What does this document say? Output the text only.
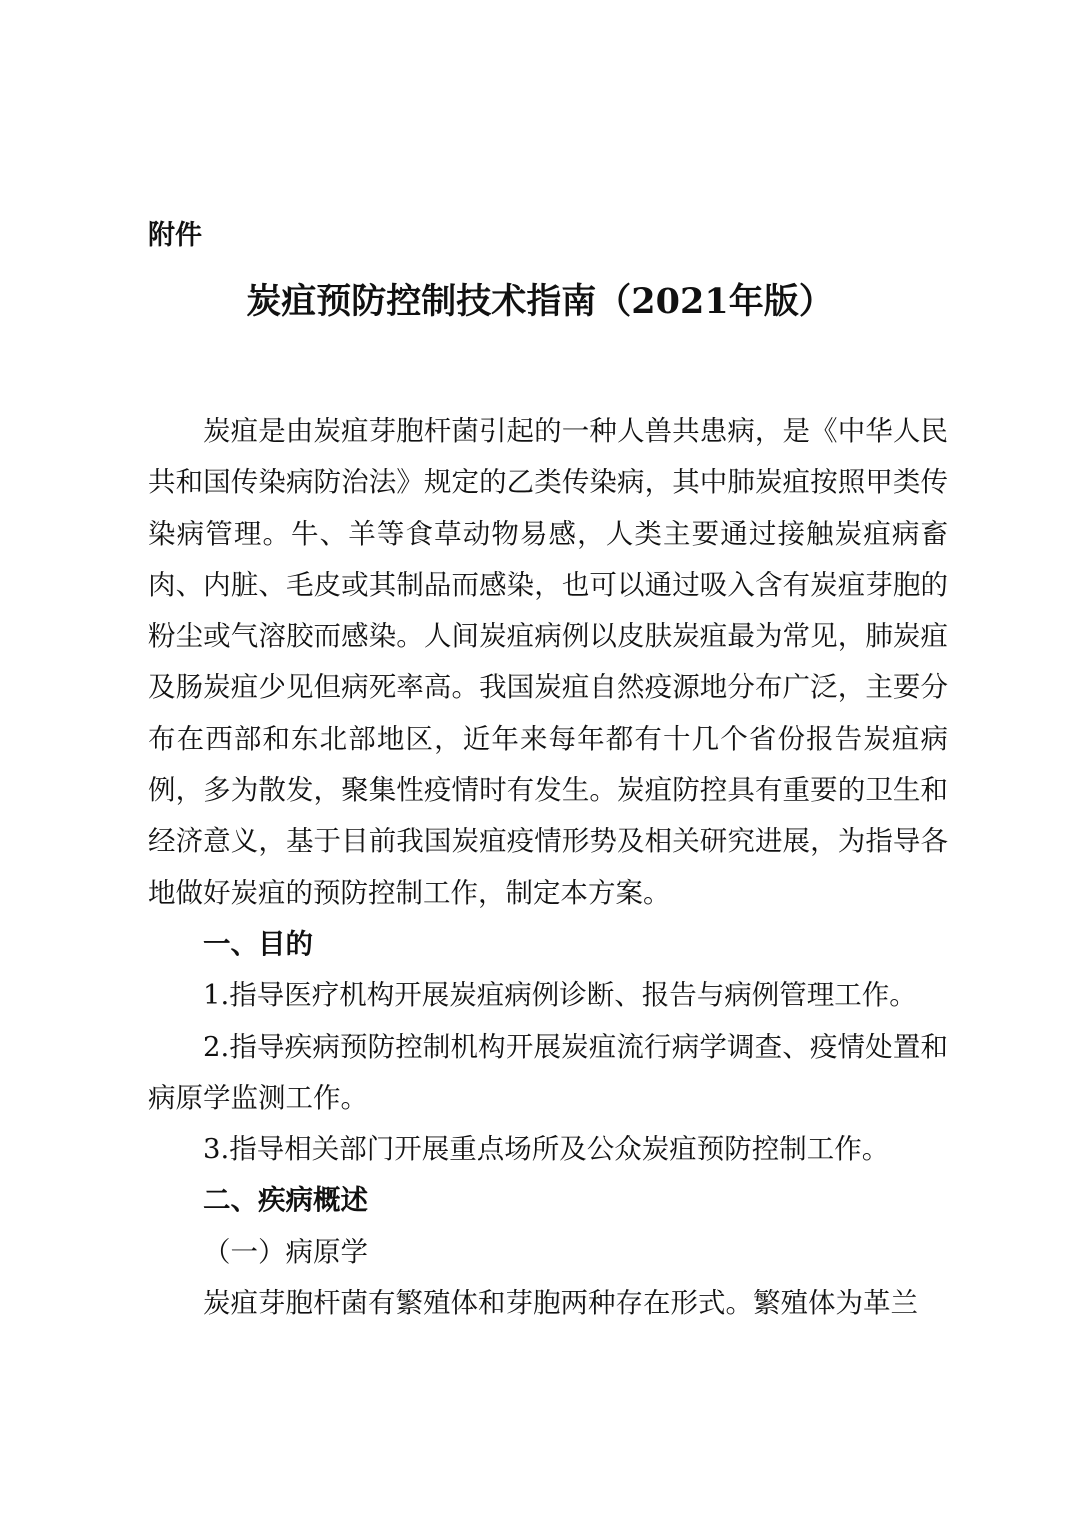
附件
炭疽预防控制技术指南（2021年版）

炭疽是由炭疽芽胞杆菌引起的一种人兽共患病，是《中华人民共和国传染病防治法》规定的乙类传染病，其中肺炭疽按照甲类传染病管理。牛、羊等食草动物易感，人类主要通过接触炭疽病畜肉、内脏、毛皮或其制品而感染，也可以通过吸入含有炭疽芽胞的粉尘或气溶胶而感染。人间炭疽病例以皮肤炭疽最为常见，肺炭疽及肠炭疽少见但病死率高。我国炭疽自然疫源地分布广泛，主要分布在西部和东北部地区，近年来每年都有十几个省份报告炭疽病例，多为散发，聚集性疫情时有发生。炭疽防控具有重要的卫生和经济意义，基于目前我国炭疽疫情形势及相关研究进展，为指导各地做好炭疽的预防控制工作，制定本方案。

一、目的

1.指导医疗机构开展炭疽病例诊断、报告与病例管理工作。

2.指导疾病预防控制机构开展炭疽流行病学调查、疫情处置和病原学监测工作。

3.指导相关部门开展重点场所及公众炭疽预防控制工作。

二、疾病概述

（一）病原学

炭疽芽胞杆菌有繁殖体和芽胞两种存在形式。繁殖体为革兰
